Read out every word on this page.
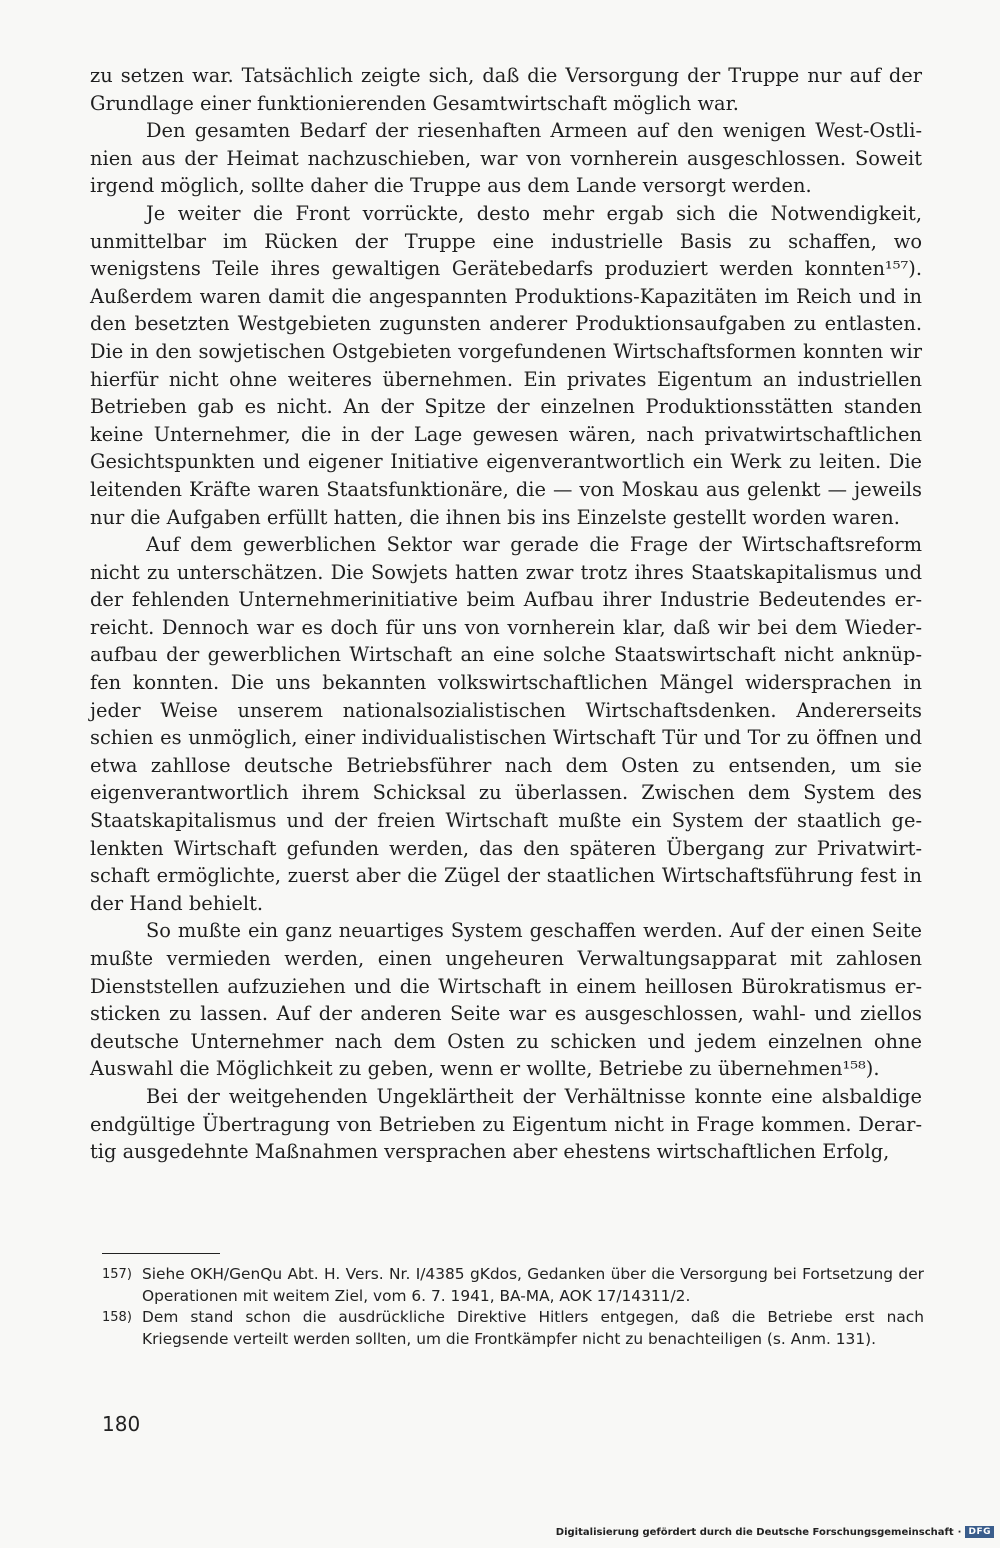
zu setzen war. Tatsächlich zeigte sich, daß die Versorgung der Truppe nur auf der Grundlage einer funktionierenden Gesamtwirtschaft möglich war.

Den gesamten Bedarf der riesenhaften Armeen auf den wenigen West-Ostlinien aus der Heimat nachzuschieben, war von vornherein ausgeschlossen. Soweit irgend möglich, sollte daher die Truppe aus dem Lande versorgt werden.

Je weiter die Front vorrückte, desto mehr ergab sich die Notwendigkeit, unmittelbar im Rücken der Truppe eine industrielle Basis zu schaffen, wo wenigstens Teile ihres gewaltigen Gerätebedarfs produziert werden konnten¹⁵⁷). Außerdem waren damit die angespannten Produktions-Kapazitäten im Reich und in den besetzten Westgebieten zugunsten anderer Produktionsaufgaben zu entlasten. Die in den sowjetischen Ostgebieten vorgefundenen Wirtschaftsformen konnten wir hierfür nicht ohne weiteres übernehmen. Ein privates Eigentum an industriellen Betrieben gab es nicht. An der Spitze der einzelnen Produktionsstätten standen keine Unternehmer, die in der Lage gewesen wären, nach privatwirtschaftlichen Gesichtspunkten und eigener Initiative eigenverantwortlich ein Werk zu leiten. Die leitenden Kräfte waren Staatsfunktionäre, die — von Moskau aus gelenkt — jeweils nur die Aufgaben erfüllt hatten, die ihnen bis ins Einzelste gestellt worden waren.

Auf dem gewerblichen Sektor war gerade die Frage der Wirtschaftsreform nicht zu unterschätzen. Die Sowjets hatten zwar trotz ihres Staatskapitalismus und der fehlenden Unternehmerinitiative beim Aufbau ihrer Industrie Bedeutendes erreicht. Dennoch war es doch für uns von vornherein klar, daß wir bei dem Wiederaufbau der gewerblichen Wirtschaft an eine solche Staatswirtschaft nicht anknüpfen konnten. Die uns bekannten volkswirtschaftlichen Mängel widersprachen in jeder Weise unserem nationalsozialistischen Wirtschaftsdenken. Andererseits schien es unmöglich, einer individualistischen Wirtschaft Tür und Tor zu öffnen und etwa zahllose deutsche Betriebsführer nach dem Osten zu entsenden, um sie eigenverantwortlich ihrem Schicksal zu überlassen. Zwischen dem System des Staatskapitalismus und der freien Wirtschaft mußte ein System der staatlich gelenkten Wirtschaft gefunden werden, das den späteren Übergang zur Privatwirtschaft ermöglichte, zuerst aber die Zügel der staatlichen Wirtschaftsführung fest in der Hand behielt.

So mußte ein ganz neuartiges System geschaffen werden. Auf der einen Seite mußte vermieden werden, einen ungeheuren Verwaltungsapparat mit zahlosen Dienststellen aufzuziehen und die Wirtschaft in einem heillosen Bürokratismus ersticken zu lassen. Auf der anderen Seite war es ausgeschlossen, wahl- und ziellos deutsche Unternehmer nach dem Osten zu schicken und jedem einzelnen ohne Auswahl die Möglichkeit zu geben, wenn er wollte, Betriebe zu übernehmen¹⁵⁸).

Bei der weitgehenden Ungeklärtheit der Verhältnisse konnte eine alsbaldige endgültige Übertragung von Betrieben zu Eigentum nicht in Frage kommen. Derartig ausgedehnte Maßnahmen versprachen aber ehestens wirtschaftlichen Erfolg,

157) Siehe OKH/GenQu Abt. H. Vers. Nr. I/4385 gKdos, Gedanken über die Versorgung bei Fortsetzung der Operationen mit weitem Ziel, vom 6. 7. 1941, BA-MA, AOK 17/14311/2.
158) Dem stand schon die ausdrückliche Direktive Hitlers entgegen, daß die Betriebe erst nach Kriegsende verteilt werden sollten, um die Frontkämpfer nicht zu benachteiligen (s. Anm. 131).
180
Digitalisierung gefördert durch die Deutsche Forschungsgemeinschaft · DFG
